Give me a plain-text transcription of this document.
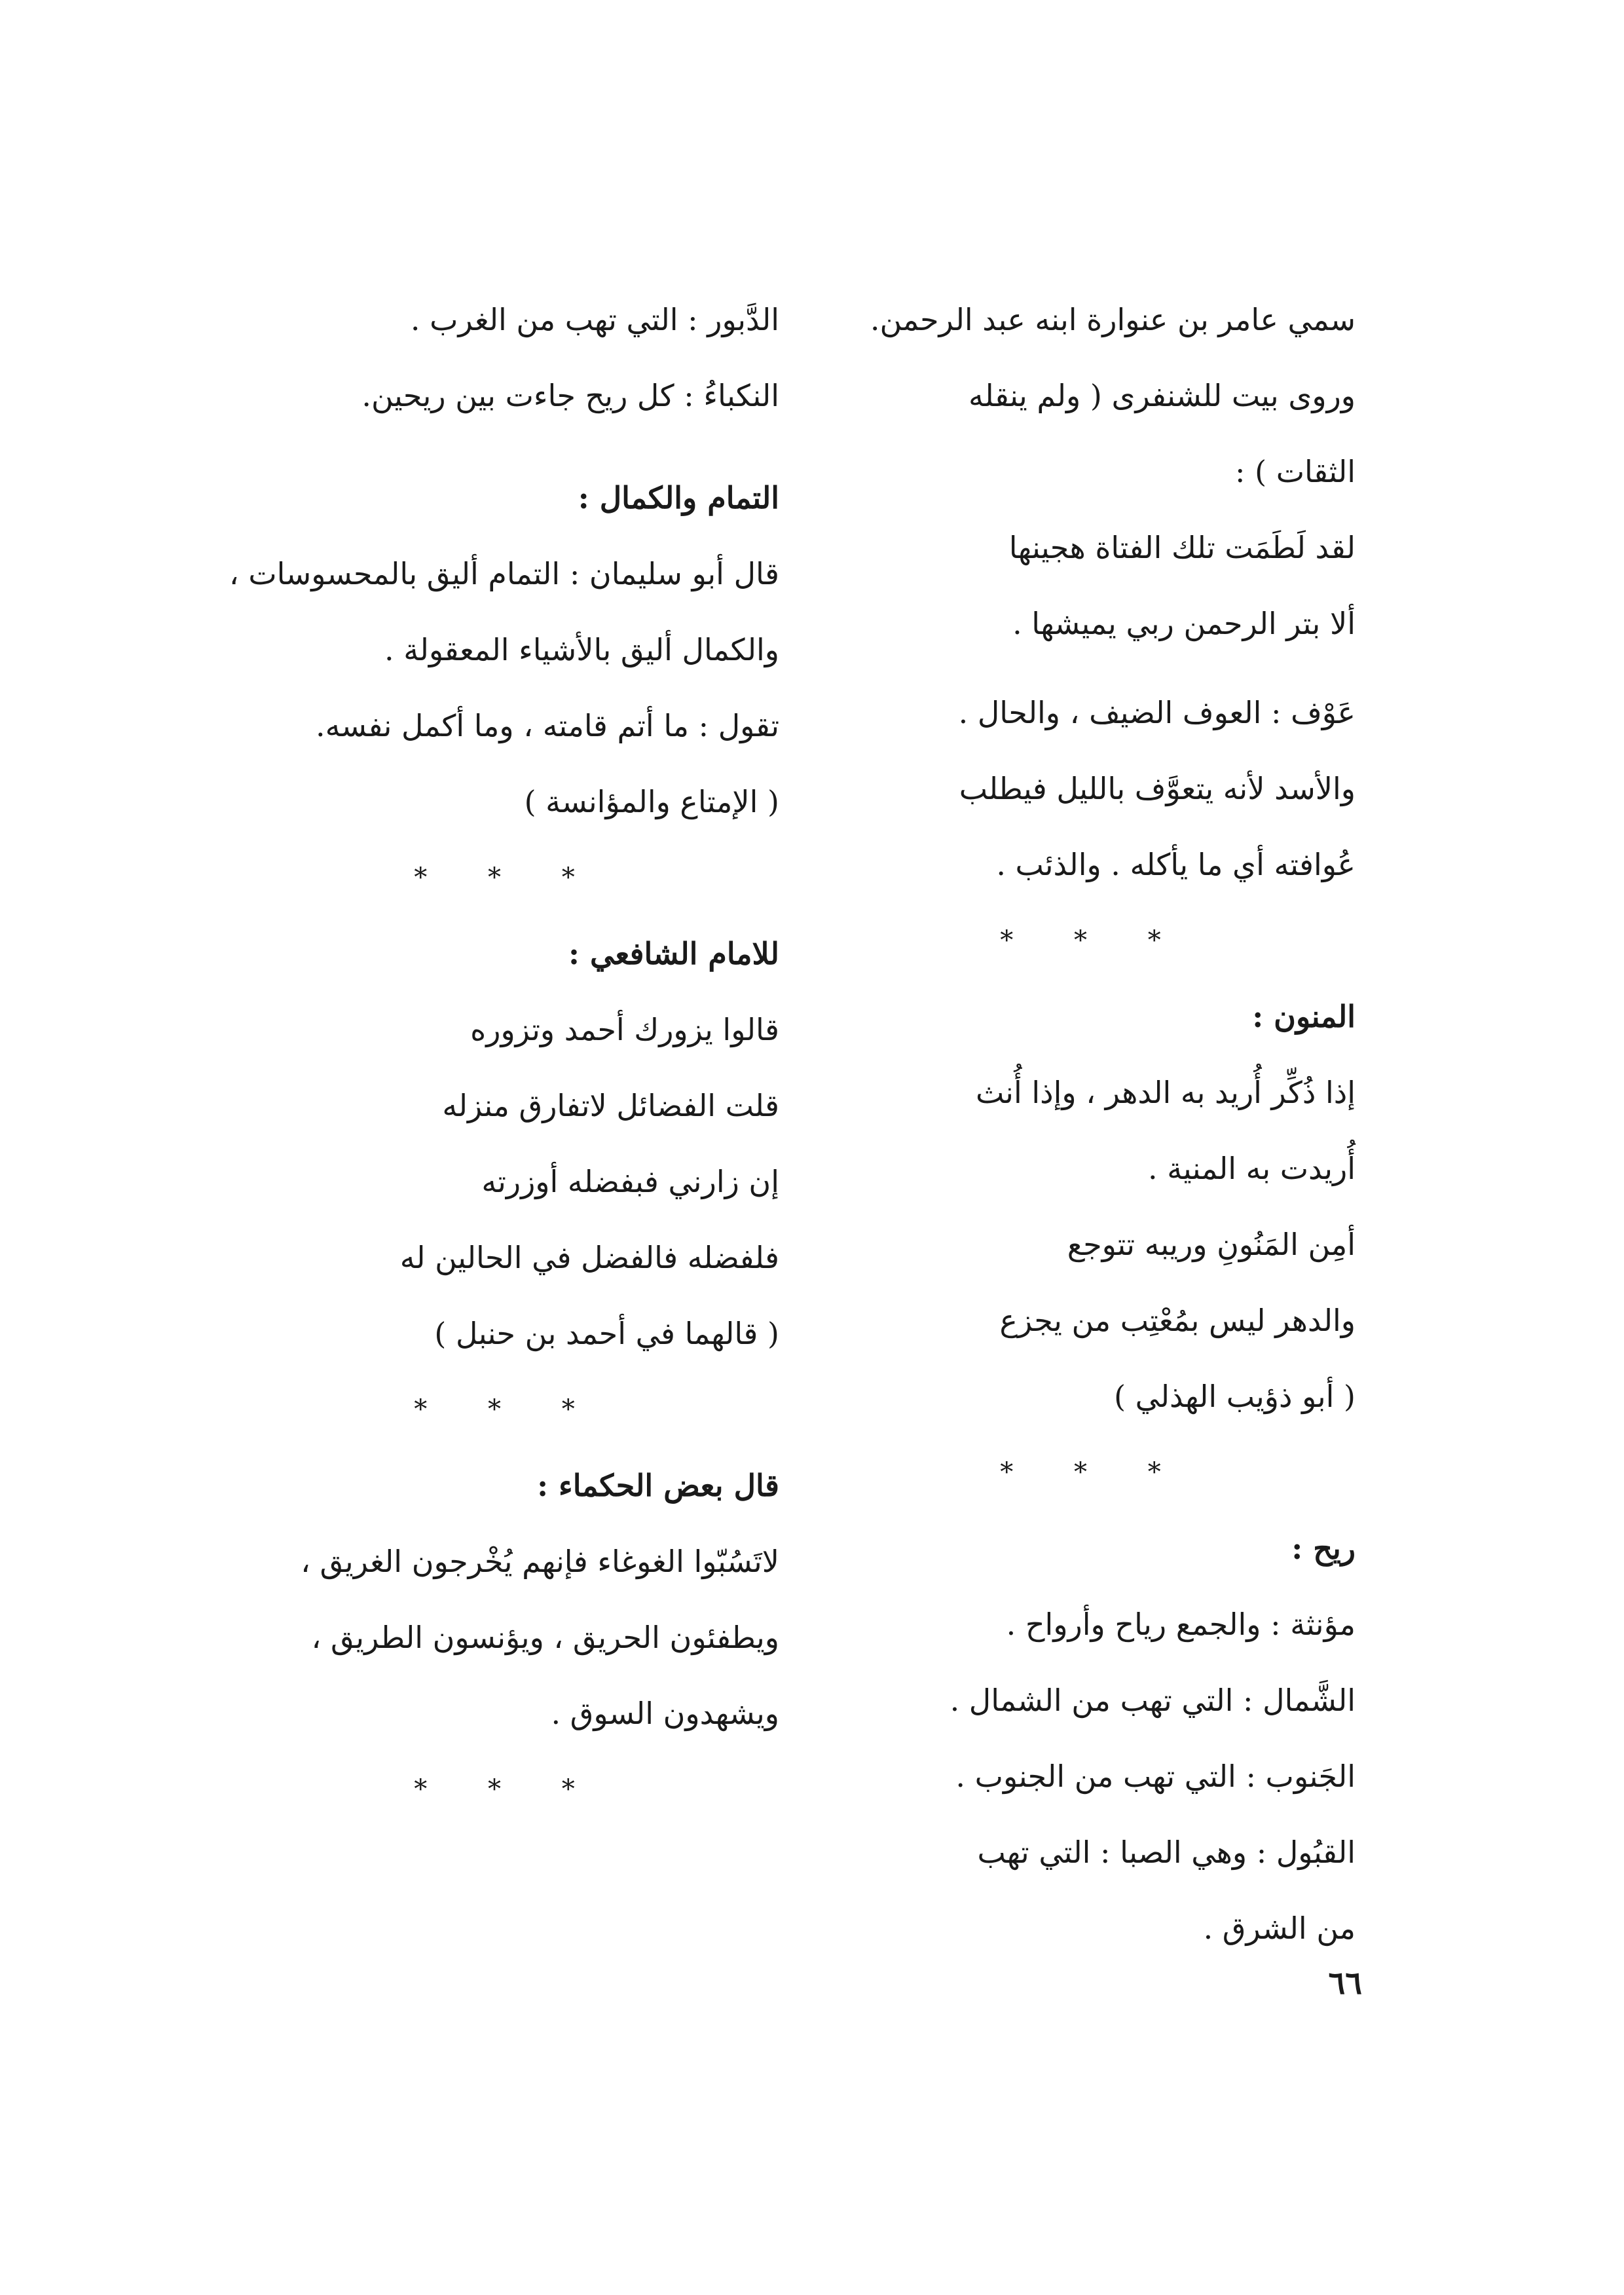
سمي عامر بن عنوارة ابنه عبد الرحمن.
وروى بيت للشنفرى ( ولم ينقله
الثقات ) :
لقد لَطَمَت تلك الفتاة هجينها
ألا بتر الرحمن ربي يميشها .
عَوْف : العوف الضيف ، والحال .
والأسد لأنه يتعوَّف بالليل فيطلب
عُوافته أي ما يأكله . والذئب .
* * *
المنون :
إذا ذُكِّر أُريد به الدهر ، وإذا أُنث
أُريدت به المنية .
أمِن المَنُونِ وريبه تتوجع
والدهر ليس بمُعْتِب من يجزع
( أبو ذؤيب الهذلي )
* * *
ريح :
مؤنثة : والجمع رياح وأرواح .
الشَّمال : التي تهب من الشمال .
الجَنوب : التي تهب من الجنوب .
القبُول : وهي الصبا : التي تهب
من الشرق .
الدَّبور : التي تهب من الغرب .
النكباءُ : كل ريح جاءت بين ريحين.
التمام والكمال :
قال أبو سليمان : التمام أليق بالمحسوسات ،
والكمال أليق بالأشياء المعقولة .
تقول : ما أتم قامته ، وما أكمل نفسه.
( الإمتاع والمؤانسة )
* * *
للامام الشافعي :
قالوا يزورك أحمد وتزوره
قلت الفضائل لاتفارق منزله
إن زارني فبفضله أوزرته
فلفضله فالفضل في الحالين له
( قالهما في أحمد بن حنبل )
* * *
قال بعض الحكماء :
لاتَسُبّوا الغوغاء فإنهم يُخْرجون الغريق ،
ويطفئون الحريق ، ويؤنسون الطريق ،
ويشهدون السوق .
* * *
٦٦
